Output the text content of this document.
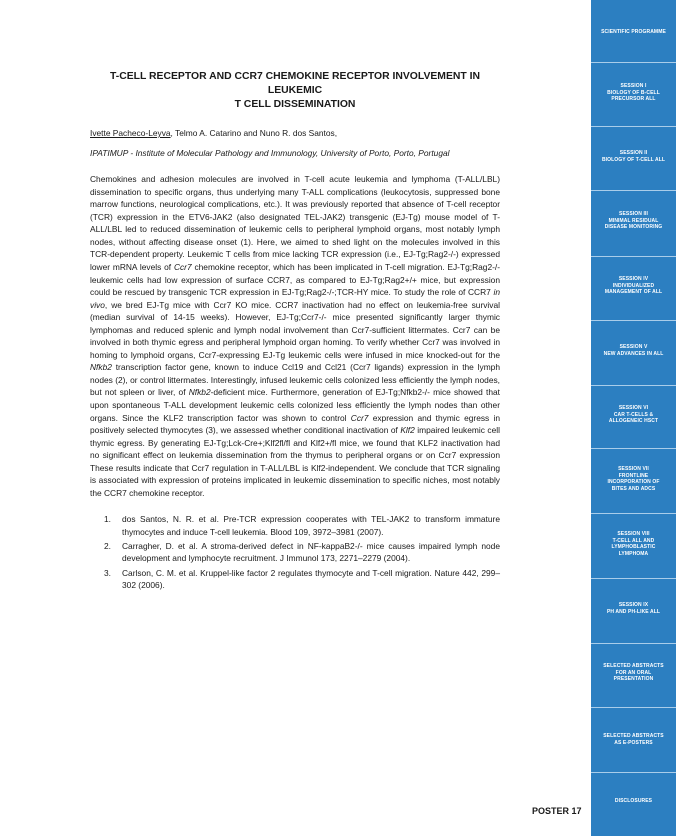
T-CELL RECEPTOR AND CCR7 CHEMOKINE RECEPTOR INVOLVEMENT IN LEUKEMIC
T CELL DISSEMINATION

Ivette Pacheco-Leyva, Telmo A. Catarino and Nuno R. dos Santos,

IPATIMUP - Institute of Molecular Pathology and Immunology, University of Porto, Porto, Portugal

Chemokines and adhesion molecules are involved in T-cell acute leukemia and lymphoma (T-ALL/LBL) dissemination to specific organs, thus underlying many T-ALL complications (leukocytosis, suppressed bone marrow functions, neurological complications, etc.). It was previously reported that absence of T-cell receptor (TCR) expression in the ETV6-JAK2 (also designated TEL-JAK2) transgenic (EJ-Tg) mouse model of T-ALL/LBL led to reduced dissemination of leukemic cells to peripheral lymphoid organs, most notably lymph nodes, without affecting disease onset (1). Here, we aimed to shed light on the molecules involved in this TCR-dependent property. Leukemic T cells from mice lacking TCR expression (i.e., EJ-Tg;Rag2-/-) expressed lower mRNA levels of Ccr7 chemokine receptor, which has been implicated in T-cell migration. EJ-Tg;Rag2-/- leukemic cells had low expression of surface CCR7, as compared to EJ-Tg;Rag2+/+ mice, but expression could be rescued by transgenic TCR expression in EJ-Tg;Rag2-/-;TCR-HY mice. To study the role of CCR7 in vivo, we bred EJ-Tg mice with Ccr7 KO mice. CCR7 inactivation had no effect on leukemia-free survival (median survival of 14-15 weeks). However, EJ-Tg;Ccr7-/- mice presented significantly larger thymic lymphomas and reduced splenic and lymph nodal involvement than Ccr7-sufficient littermates. Ccr7 can be involved in both thymic egress and peripheral lymphoid organ homing. To verify whether Ccr7 was involved in homing to lymphoid organs, Ccr7-expressing EJ-Tg leukemic cells were infused in mice knocked-out for the Nfkb2 transcription factor gene, known to induce Ccl19 and Ccl21 (Ccr7 ligands) expression in the lymph nodes (2), or control littermates. Interestingly, infused leukemic cells colonized less efficiently the lymph nodes, but not spleen or liver, of Nfkb2-deficient mice. Furthermore, generation of EJ-Tg;Nfkb2-/- mice showed that upon spontaneous T-ALL development leukemic cells colonized less efficiently the lymph nodes than other organs. Since the KLF2 transcription factor was shown to control Ccr7 expression and thymic egress in positively selected thymocytes (3), we assessed whether conditional inactivation of Klf2 impaired leukemic cell thymic egress. By generating EJ-Tg;Lck-Cre+;Klf2fl/fl and Klf2+/fl mice, we found that KLF2 inactivation had no significant effect on leukemia dissemination from the thymus to peripheral organs or on Ccr7 expression These results indicate that Ccr7 regulation in T-ALL/LBL is Klf2-independent. We conclude that TCR signaling is associated with expression of proteins implicated in leukemic dissemination to specific niches, most notably the CCR7 chemokine receptor.

1.	dos Santos, N. R. et al. Pre-TCR expression cooperates with TEL-JAK2 to transform immature thymocytes and induce T-cell leukemia. Blood 109, 3972–3981 (2007).
2.	Carragher, D. et al. A stroma-derived defect in NF-kappaB2-/- mice causes impaired lymph node development and lymphocyte recruitment. J Immunol 173, 2271–2279 (2004).
3.	Carlson, C. M. et al. Kruppel-like factor 2 regulates thymocyte and T-cell migration. Nature 442, 299–302 (2006).
POSTER 17
SCIENTIFIC PROGRAMME
SESSION I
BIOLOGY OF B-CELL
PRECURSOR ALL
SESSION II
BIOLOGY OF T-CELL ALL
SESSION III
MINIMAL RESIDUAL
DISEASE MONITORING
SESSION IV
INDIVIDUALIZED
MANAGEMENT OF ALL
SESSION V
NEW ADVANCES IN ALL
SESSION VI
CAR T-CELLS &
ALLOGENEIC HSCT
SESSION VII
FRONTLINE
INCORPORATION OF
BITES AND ADCS
SESSION VIII
T-CELL ALL AND
LYMPHOBLASTIC
LYMPHOMA
SESSION IX
PH AND PH-LIKE ALL
SELECTED ABSTRACTS
FOR AN ORAL
PRESENTATION
SELECTED ABSTRACTS
AS E-POSTERS
DISCLOSURES
